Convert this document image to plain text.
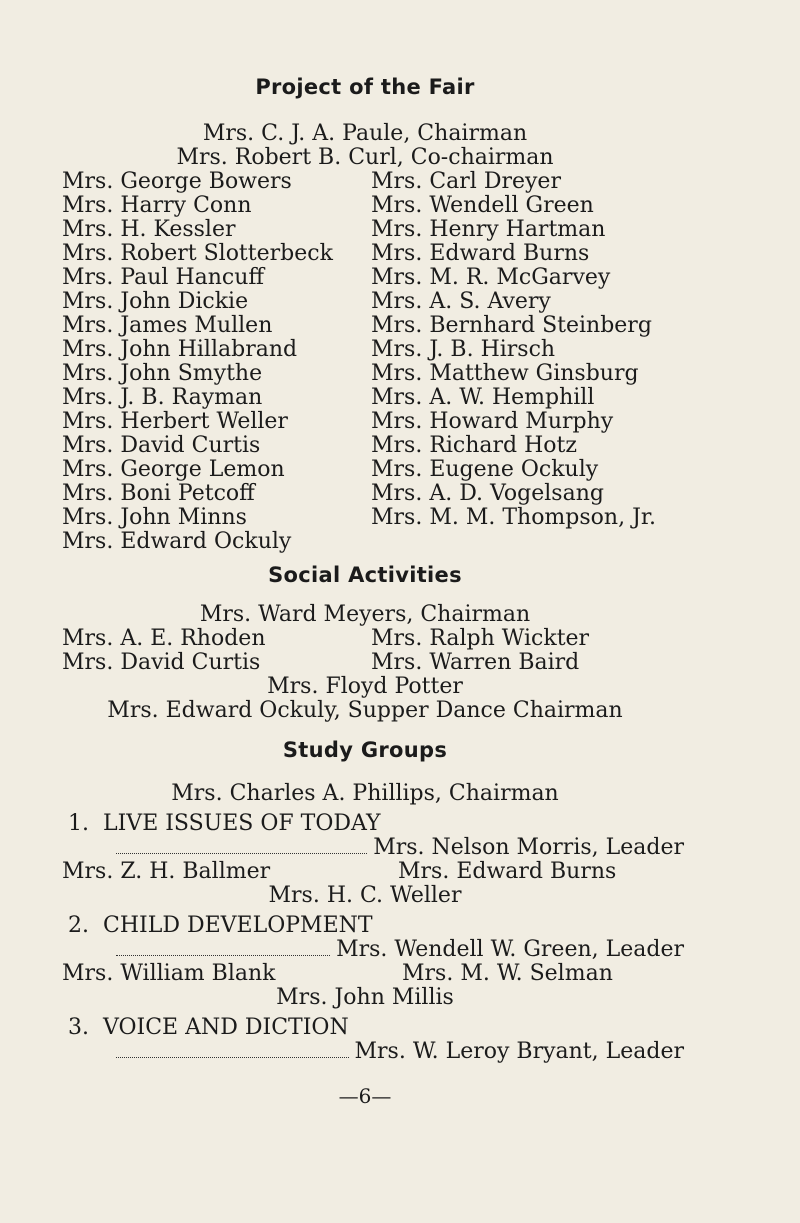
Project of the Fair
Mrs. C. J. A. Paule, Chairman
Mrs. Robert B. Curl, Co-chairman
Mrs. George Bowers
Mrs. Harry Conn
Mrs. H. Kessler
Mrs. Robert Slotterbeck
Mrs. Paul Hancuff
Mrs. John Dickie
Mrs. James Mullen
Mrs. John Hillabrand
Mrs. John Smythe
Mrs. J. B. Rayman
Mrs. Herbert Weller
Mrs. David Curtis
Mrs. George Lemon
Mrs. Boni Petcoff
Mrs. John Minns
Mrs. Edward Ockuly
Mrs. Carl Dreyer
Mrs. Wendell Green
Mrs. Henry Hartman
Mrs. Edward Burns
Mrs. M. R. McGarvey
Mrs. A. S. Avery
Mrs. Bernhard Steinberg
Mrs. J. B. Hirsch
Mrs. Matthew Ginsburg
Mrs. A. W. Hemphill
Mrs. Howard Murphy
Mrs. Richard Hotz
Mrs. Eugene Ockuly
Mrs. A. D. Vogelsang
Mrs. M. M. Thompson, Jr.
Social Activities
Mrs. Ward Meyers, Chairman
Mrs. A. E. Rhoden
Mrs. David Curtis
Mrs. Ralph Wickter
Mrs. Warren Baird
Mrs. Floyd Potter
Mrs. Edward Ockuly, Supper Dance Chairman
Study Groups
Mrs. Charles A. Phillips, Chairman
1. LIVE ISSUES OF TODAY
Mrs. Nelson Morris, Leader
Mrs. Z. H. Ballmer	Mrs. Edward Burns
Mrs. H. C. Weller
2. CHILD DEVELOPMENT
Mrs. Wendell W. Green, Leader
Mrs. William Blank	Mrs. M. W. Selman
Mrs. John Millis
3. VOICE AND DICTION
Mrs. W. Leroy Bryant, Leader
—6—
